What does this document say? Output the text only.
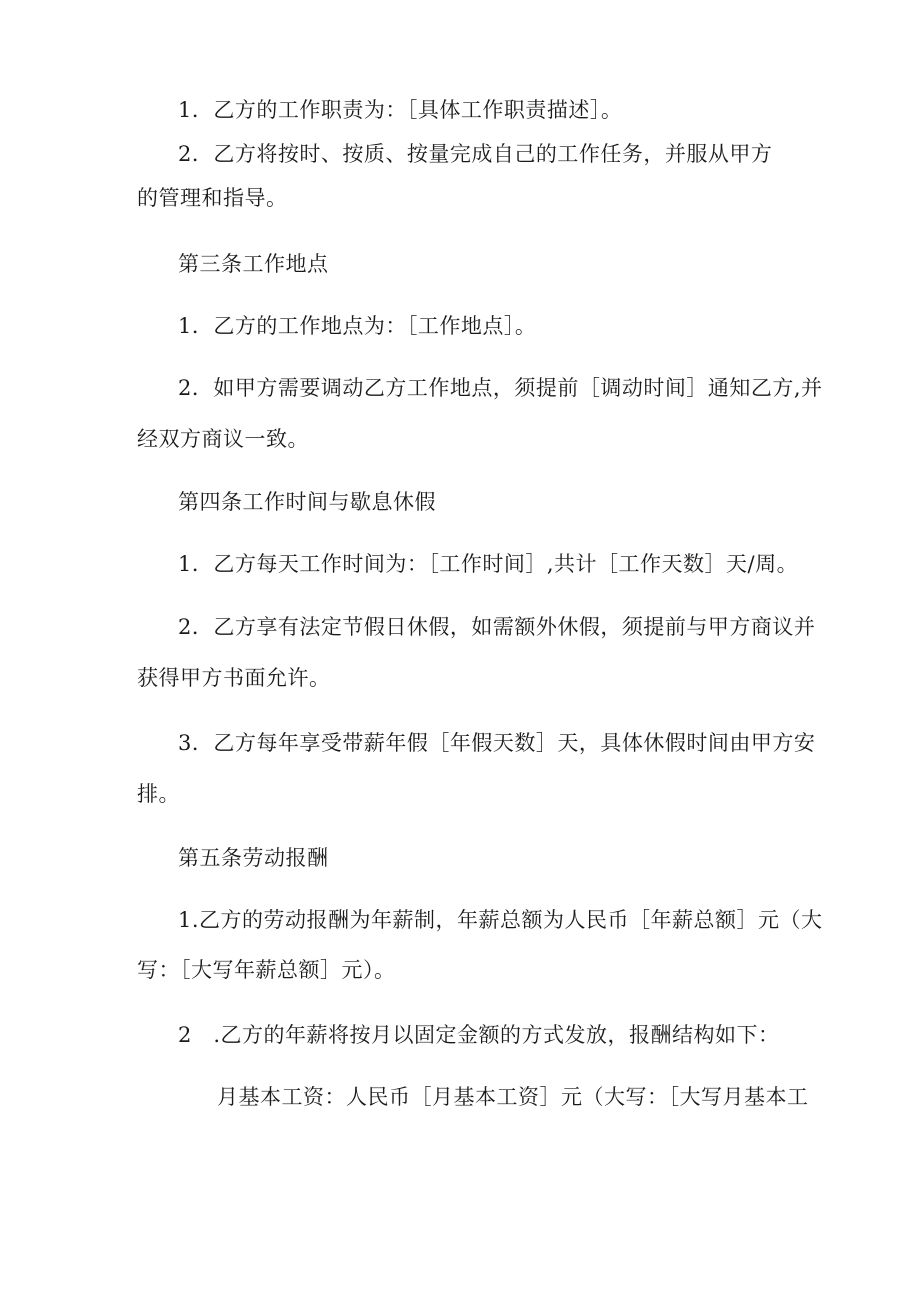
1．乙方的工作职责为：［具体工作职责描述］。
2．乙方将按时、按质、按量完成自己的工作任务，并服从甲方
的管理和指导。
第三条工作地点
1．乙方的工作地点为：［工作地点］。
2．如甲方需要调动乙方工作地点，须提前［调动时间］通知乙方,并
经双方商议一致。
第四条工作时间与歇息休假
1．乙方每天工作时间为：［工作时间］,共计［工作天数］天/周。
2．乙方享有法定节假日休假，如需额外休假，须提前与甲方商议并
获得甲方书面允许。
3．乙方每年享受带薪年假［年假天数］天，具体休假时间由甲方安
排。
第五条劳动报酬
1.乙方的劳动报酬为年薪制，年薪总额为人民币［年薪总额］元（大
写：［大写年薪总额］元）。
2　.乙方的年薪将按月以固定金额的方式发放，报酬结构如下：
月基本工资：人民币［月基本工资］元（大写：［大写月基本工
